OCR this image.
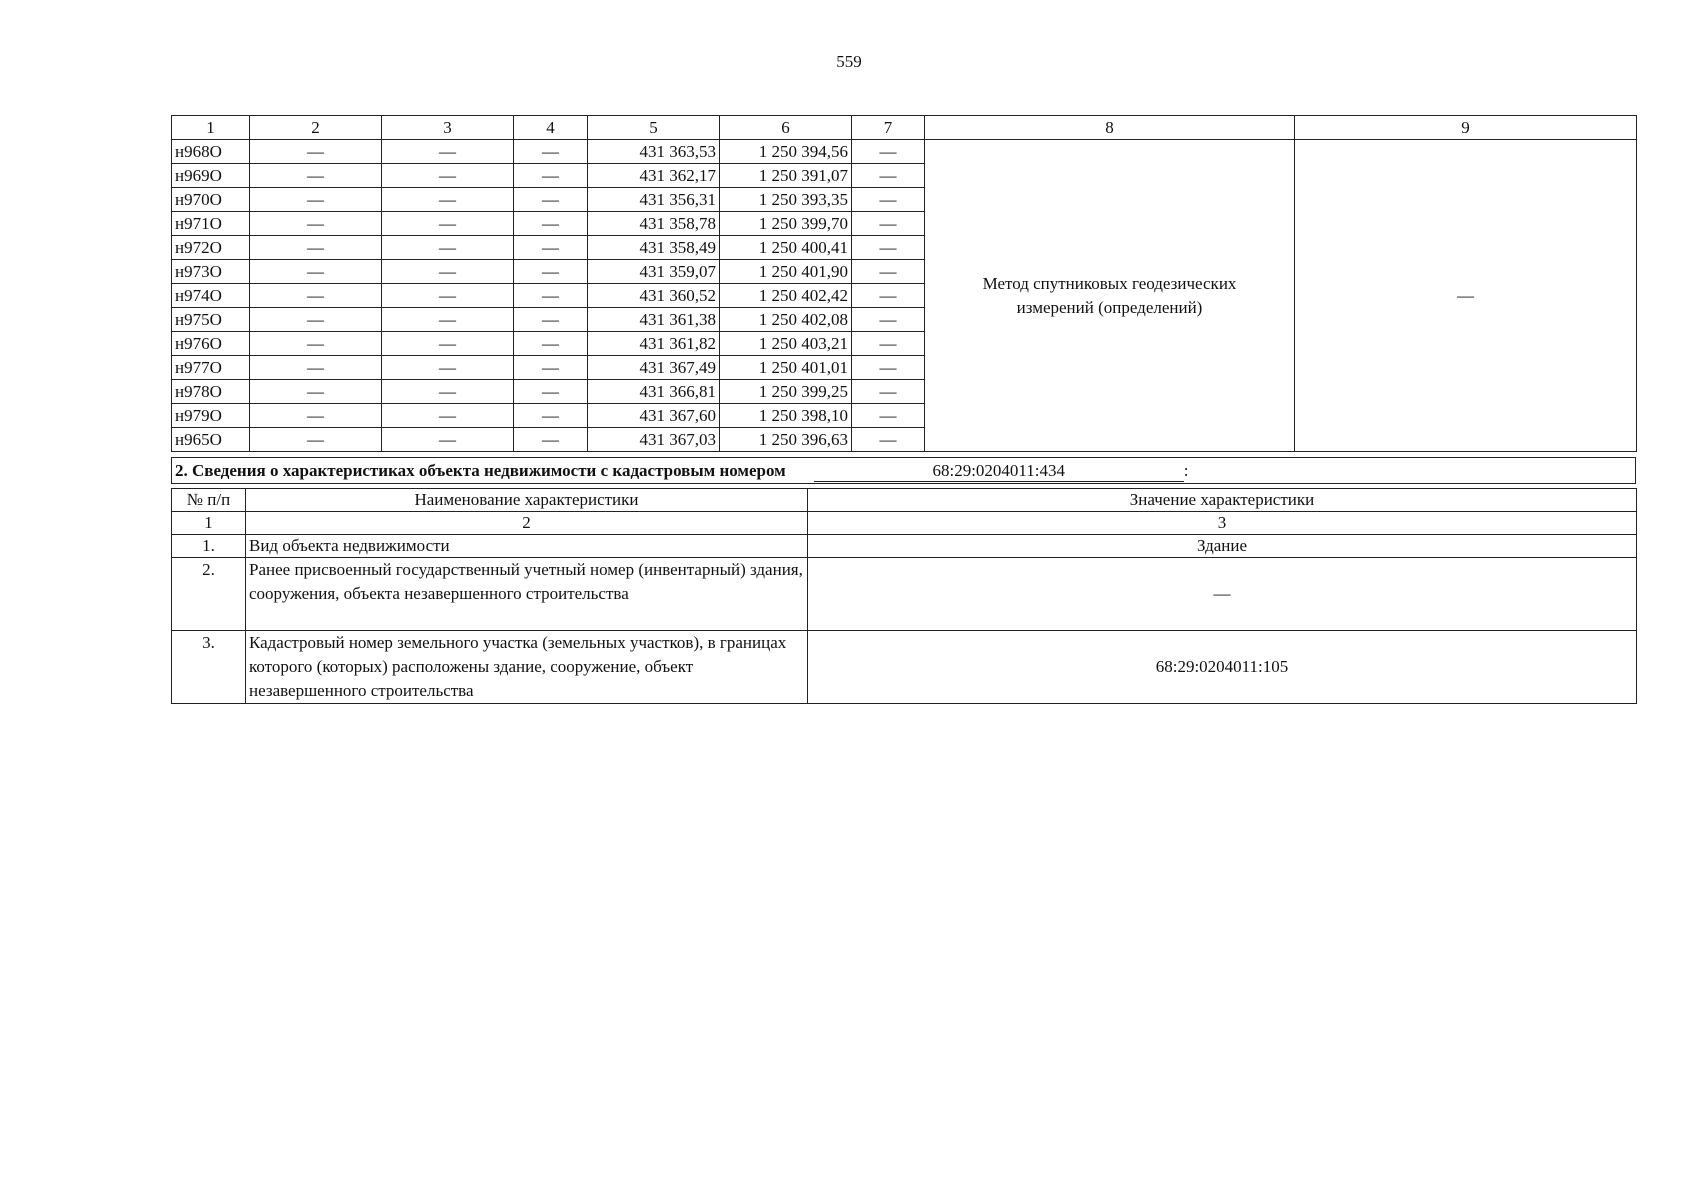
559
1	2	3	4	5	6	7	8	9
н968О	—	—	—	431 363,53	1 250 394,56	—	Метод спутниковых геодезических измерений (определений)	—
н969О	—	—	—	431 362,17	1 250 391,07	—		
н970О	—	—	—	431 356,31	1 250 393,35	—		
н971О	—	—	—	431 358,78	1 250 399,70	—		
н972О	—	—	—	431 358,49	1 250 400,41	—		
н973О	—	—	—	431 359,07	1 250 401,90	—		
н974О	—	—	—	431 360,52	1 250 402,42	—		
н975О	—	—	—	431 361,38	1 250 402,08	—		
н976О	—	—	—	431 361,82	1 250 403,21	—		
н977О	—	—	—	431 367,49	1 250 401,01	—		
н978О	—	—	—	431 366,81	1 250 399,25	—		
н979О	—	—	—	431 367,60	1 250 398,10	—		
н965О	—	—	—	431 367,03	1 250 396,63	—		
2. Сведения о характеристиках объекта недвижимости с кадастровым номером	68:29:0204011:434	:
№ п/п	Наименование характеристики	Значение характеристики
1	2	3
1.	Вид объекта недвижимости	Здание
2.	Ранее присвоенный государственный учетный номер (инвентарный) здания, сооружения, объекта незавершенного строительства	—
3.	Кадастровый номер земельного участка (земельных участков), в границах которого (которых) расположены здание, сооружение, объект незавершенного строительства	68:29:0204011:105
